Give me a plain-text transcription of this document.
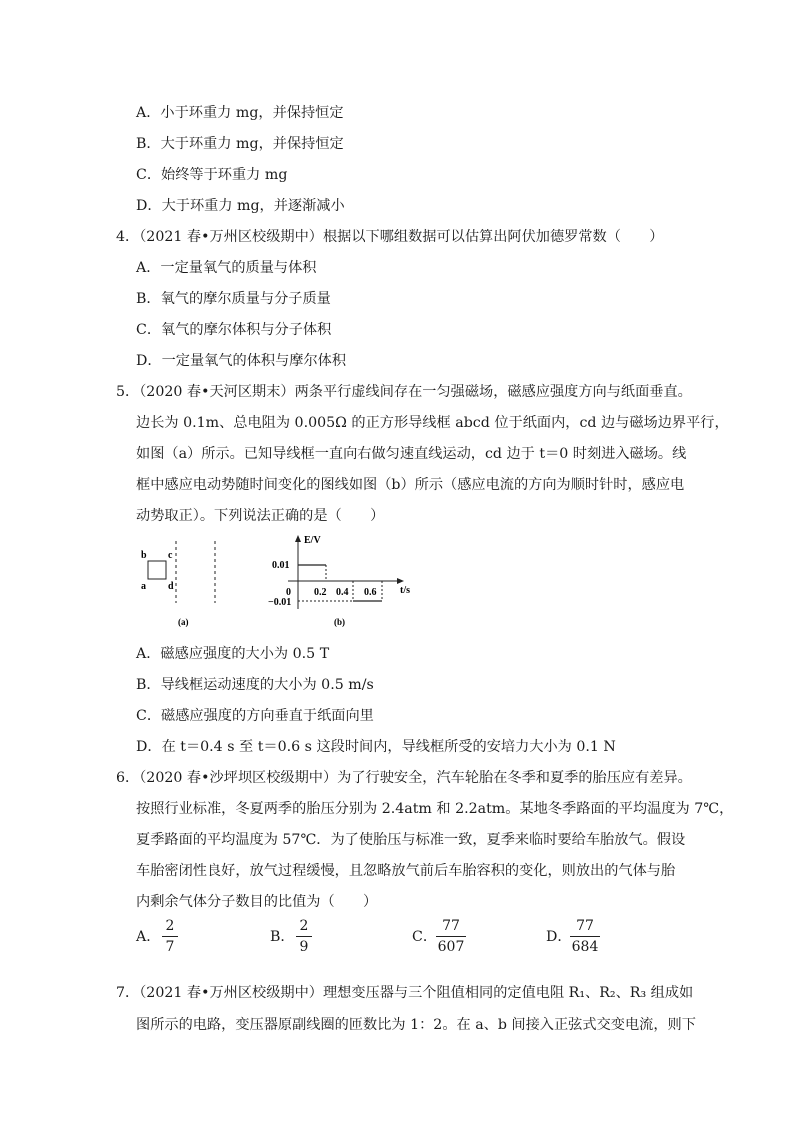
A．小于环重力 mg，并保持恒定
B．大于环重力 mg，并保持恒定
C．始终等于环重力 mg
D．大于环重力 mg，并逐渐减小
4．（2021 春•万州区校级期中）根据以下哪组数据可以估算出阿伏加德罗常数（　　）
A．一定量氧气的质量与体积
B．氧气的摩尔质量与分子质量
C．氧气的摩尔体积与分子体积
D．一定量氧气的体积与摩尔体积
5．（2020 春•天河区期末）两条平行虚线间存在一匀强磁场，磁感应强度方向与纸面垂直。
边长为 0.1m、总电阻为 0.005Ω 的正方形导线框 abcd 位于纸面内，cd 边与磁场边界平行，
如图（a）所示。已知导线框一直向右做匀速直线运动，cd 边于 t＝0 时刻进入磁场。线
框中感应电动势随时间变化的图线如图（b）所示（感应电流的方向为顺时针时，感应电
动势取正）。下列说法正确的是（　　）
b c
a d
(a)
E/V
t/s
0.01
−0.01
0 0.2 0.4 0.6
(b)
A．磁感应强度的大小为 0.5 T
B．导线框运动速度的大小为 0.5 m/s
C．磁感应强度的方向垂直于纸面向里
D．在 t＝0.4 s 至 t＝0.6 s 这段时间内，导线框所受的安培力大小为 0.1 N
6．（2020 春•沙坪坝区校级期中）为了行驶安全，汽车轮胎在冬季和夏季的胎压应有差异。
按照行业标准，冬夏两季的胎压分别为 2.4atm 和 2.2atm。某地冬季路面的平均温度为 7℃，
夏季路面的平均温度为 57℃．为了使胎压与标准一致，夏季来临时要给车胎放气。假设
车胎密闭性良好，放气过程缓慢，且忽略放气前后车胎容积的变化，则放出的气体与胎
内剩余气体分子数目的比值为（　　）
A．
2
7
B．
2
9
C．
77
607
D．
77
684
7．（2021 春•万州区校级期中）理想变压器与三个阻值相同的定值电阻 R₁、R₂、R₃ 组成如
图所示的电路，变压器原副线圈的匝数比为 1：2。在 a、b 间接入正弦式交变电流，则下
